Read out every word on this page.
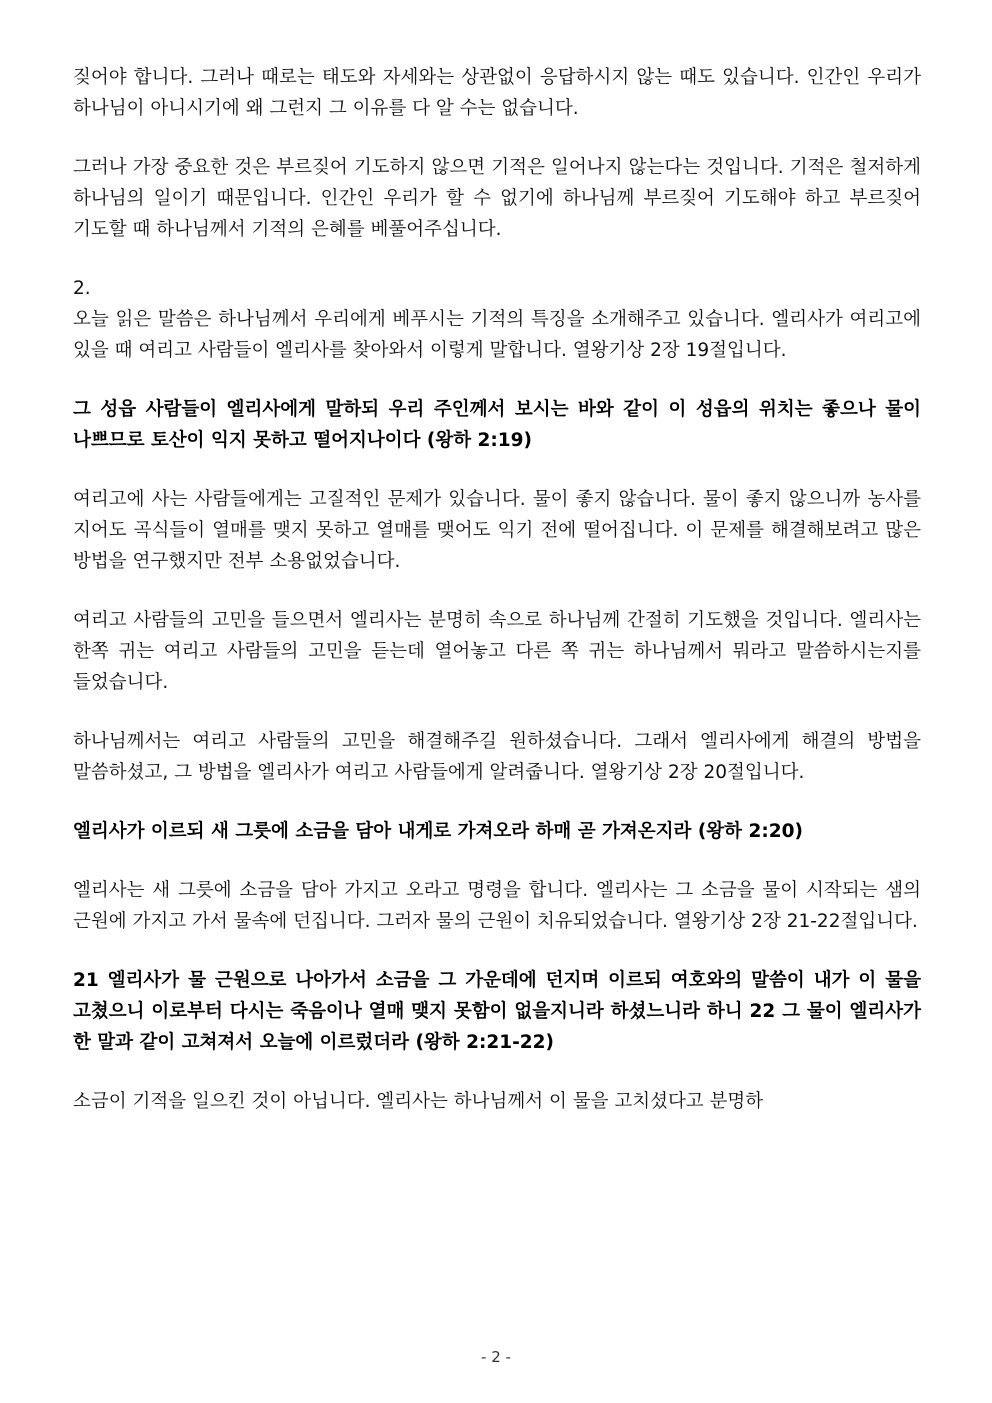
짖어야 합니다. 그러나 때로는 태도와 자세와는 상관없이 응답하시지 않는 때도 있습니다. 인간인 우리가 하나님이 아니시기에 왜 그런지 그 이유를 다 알 수는 없습니다.

그러나 가장 중요한 것은 부르짖어 기도하지 않으면 기적은 일어나지 않는다는 것입니다. 기적은 철저하게 하나님의 일이기 때문입니다. 인간인 우리가 할 수 없기에 하나님께 부르짖어 기도해야 하고 부르짖어 기도할 때 하나님께서 기적의 은혜를 베풀어주십니다.

2.

오늘 읽은 말씀은 하나님께서 우리에게 베푸시는 기적의 특징을 소개해주고 있습니다. 엘리사가 여리고에 있을 때 여리고 사람들이 엘리사를 찾아와서 이렇게 말합니다. 열왕기상 2장 19절입니다.

그 성읍 사람들이 엘리사에게 말하되 우리 주인께서 보시는 바와 같이 이 성읍의 위치는 좋으나 물이 나쁘므로 토산이 익지 못하고 떨어지나이다 (왕하 2:19)

여리고에 사는 사람들에게는 고질적인 문제가 있습니다. 물이 좋지 않습니다. 물이 좋지 않으니까 농사를 지어도 곡식들이 열매를 맺지 못하고 열매를 맺어도 익기 전에 떨어집니다. 이 문제를 해결해보려고 많은 방법을 연구했지만 전부 소용없었습니다.

여리고 사람들의 고민을 들으면서 엘리사는 분명히 속으로 하나님께 간절히 기도했을 것입니다. 엘리사는 한쪽 귀는 여리고 사람들의 고민을 듣는데 열어놓고 다른 쪽 귀는 하나님께서 뭐라고 말씀하시는지를 들었습니다.

하나님께서는 여리고 사람들의 고민을 해결해주길 원하셨습니다. 그래서 엘리사에게 해결의 방법을 말씀하셨고, 그 방법을 엘리사가 여리고 사람들에게 알려줍니다. 열왕기상 2장 20절입니다.

엘리사가 이르되 새 그릇에 소금을 담아 내게로 가져오라 하매 곧 가져온지라 (왕하 2:20)

엘리사는 새 그릇에 소금을 담아 가지고 오라고 명령을 합니다. 엘리사는 그 소금을 물이 시작되는 샘의 근원에 가지고 가서 물속에 던집니다. 그러자 물의 근원이 치유되었습니다. 열왕기상 2장 21-22절입니다.

21 엘리사가 물 근원으로 나아가서 소금을 그 가운데에 던지며 이르되 여호와의 말씀이 내가 이 물을 고쳤으니 이로부터 다시는 죽음이나 열매 맺지 못함이 없을지니라 하셨느니라 하니 22 그 물이 엘리사가 한 말과 같이 고쳐져서 오늘에 이르렀더라 (왕하 2:21-22)

소금이 기적을 일으킨 것이 아닙니다. 엘리사는 하나님께서 이 물을 고치셨다고 분명하

- 2 -
